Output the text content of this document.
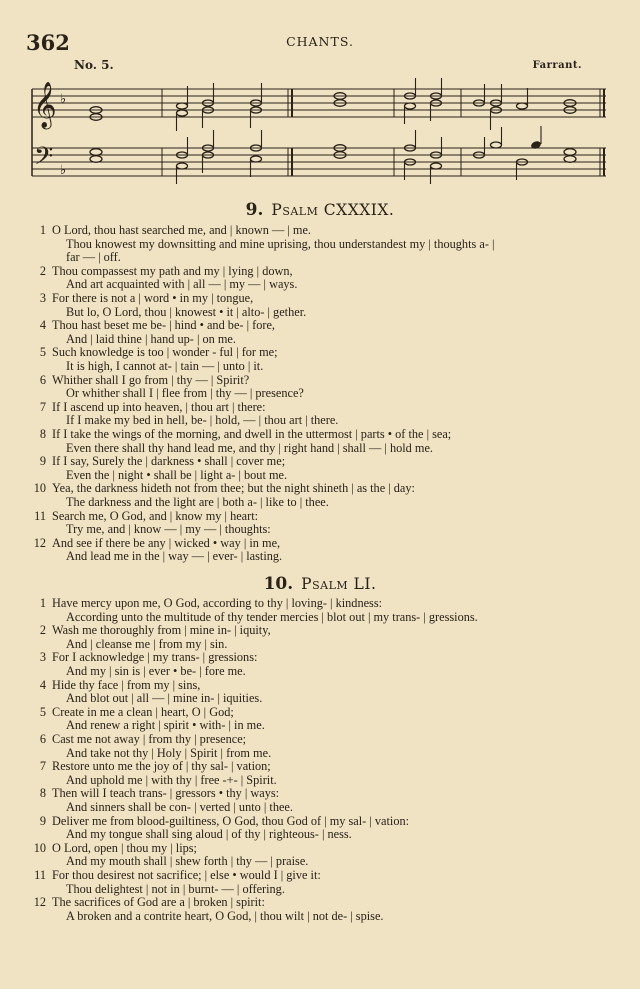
362	CHANTS.
No. 5.	Farrant.
𝄞
𝄢
♭
♭
9. Psalm CXXXIX.
1 O Lord, thou hast searched me, and | known — | me.
Thou knowest my downsitting and mine uprising, thou understandest my | thoughts a- |
far — | off.
2 Thou compassest my path and my | lying | down,
And art acquainted with | all — | my — | ways.
3 For there is not a | word • in my | tongue,
But lo, O Lord, thou | knowest • it | alto- | gether.
4 Thou hast beset me be- | hind • and be- | fore,
And | laid thine | hand up- | on me.
5 Such knowledge is too | wonder - ful | for me;
It is high, I cannot at- | tain — | unto | it.
6 Whither shall I go from | thy — | Spirit?
Or whither shall I | flee from | thy — | presence?
7 If I ascend up into heaven, | thou art | there:
If I make my bed in hell, be- | hold, — | thou art | there.
8 If I take the wings of the morning, and dwell in the uttermost | parts • of the | sea;
Even there shall thy hand lead me, and thy | right hand | shall — | hold me.
9 If I say, Surely the | darkness • shall | cover me;
Even the | night • shall be | light a- | bout me.
10 Yea, the darkness hideth not from thee; but the night shineth | as the | day:
The darkness and the light are | both a- | like to | thee.
11 Search me, O God, and | know my | heart:
Try me, and | know — | my — | thoughts:
12 And see if there be any | wicked • way | in me,
And lead me in the | way — | ever- | lasting.
10. Psalm LI.
1 Have mercy upon me, O God, according to thy | loving- | kindness:
According unto the multitude of thy tender mercies | blot out | my trans- | gressions.
2 Wash me thoroughly from | mine in- | iquity,
And | cleanse me | from my | sin.
3 For I acknowledge | my trans- | gressions:
And my | sin is | ever • be- | fore me.
4 Hide thy face | from my | sins,
And blot out | all — | mine in- | iquities.
5 Create in me a clean | heart, O | God;
And renew a right | spirit • with- | in me.
6 Cast me not away | from thy | presence;
And take not thy | Holy | Spirit | from me.
7 Restore unto me the joy of | thy sal- | vation;
And uphold me | with thy | free -+- | Spirit.
8 Then will I teach trans- | gressors • thy | ways:
And sinners shall be con- | verted | unto | thee.
9 Deliver me from blood-guiltiness, O God, thou God of | my sal- | vation:
And my tongue shall sing aloud | of thy | righteous- | ness.
10 O Lord, open | thou my | lips;
And my mouth shall | shew forth | thy — | praise.
11 For thou desirest not sacrifice; | else • would I | give it:
Thou delightest | not in | burnt- — | offering.
12 The sacrifices of God are a | broken | spirit:
A broken and a contrite heart, O God, | thou wilt | not de- | spise.
